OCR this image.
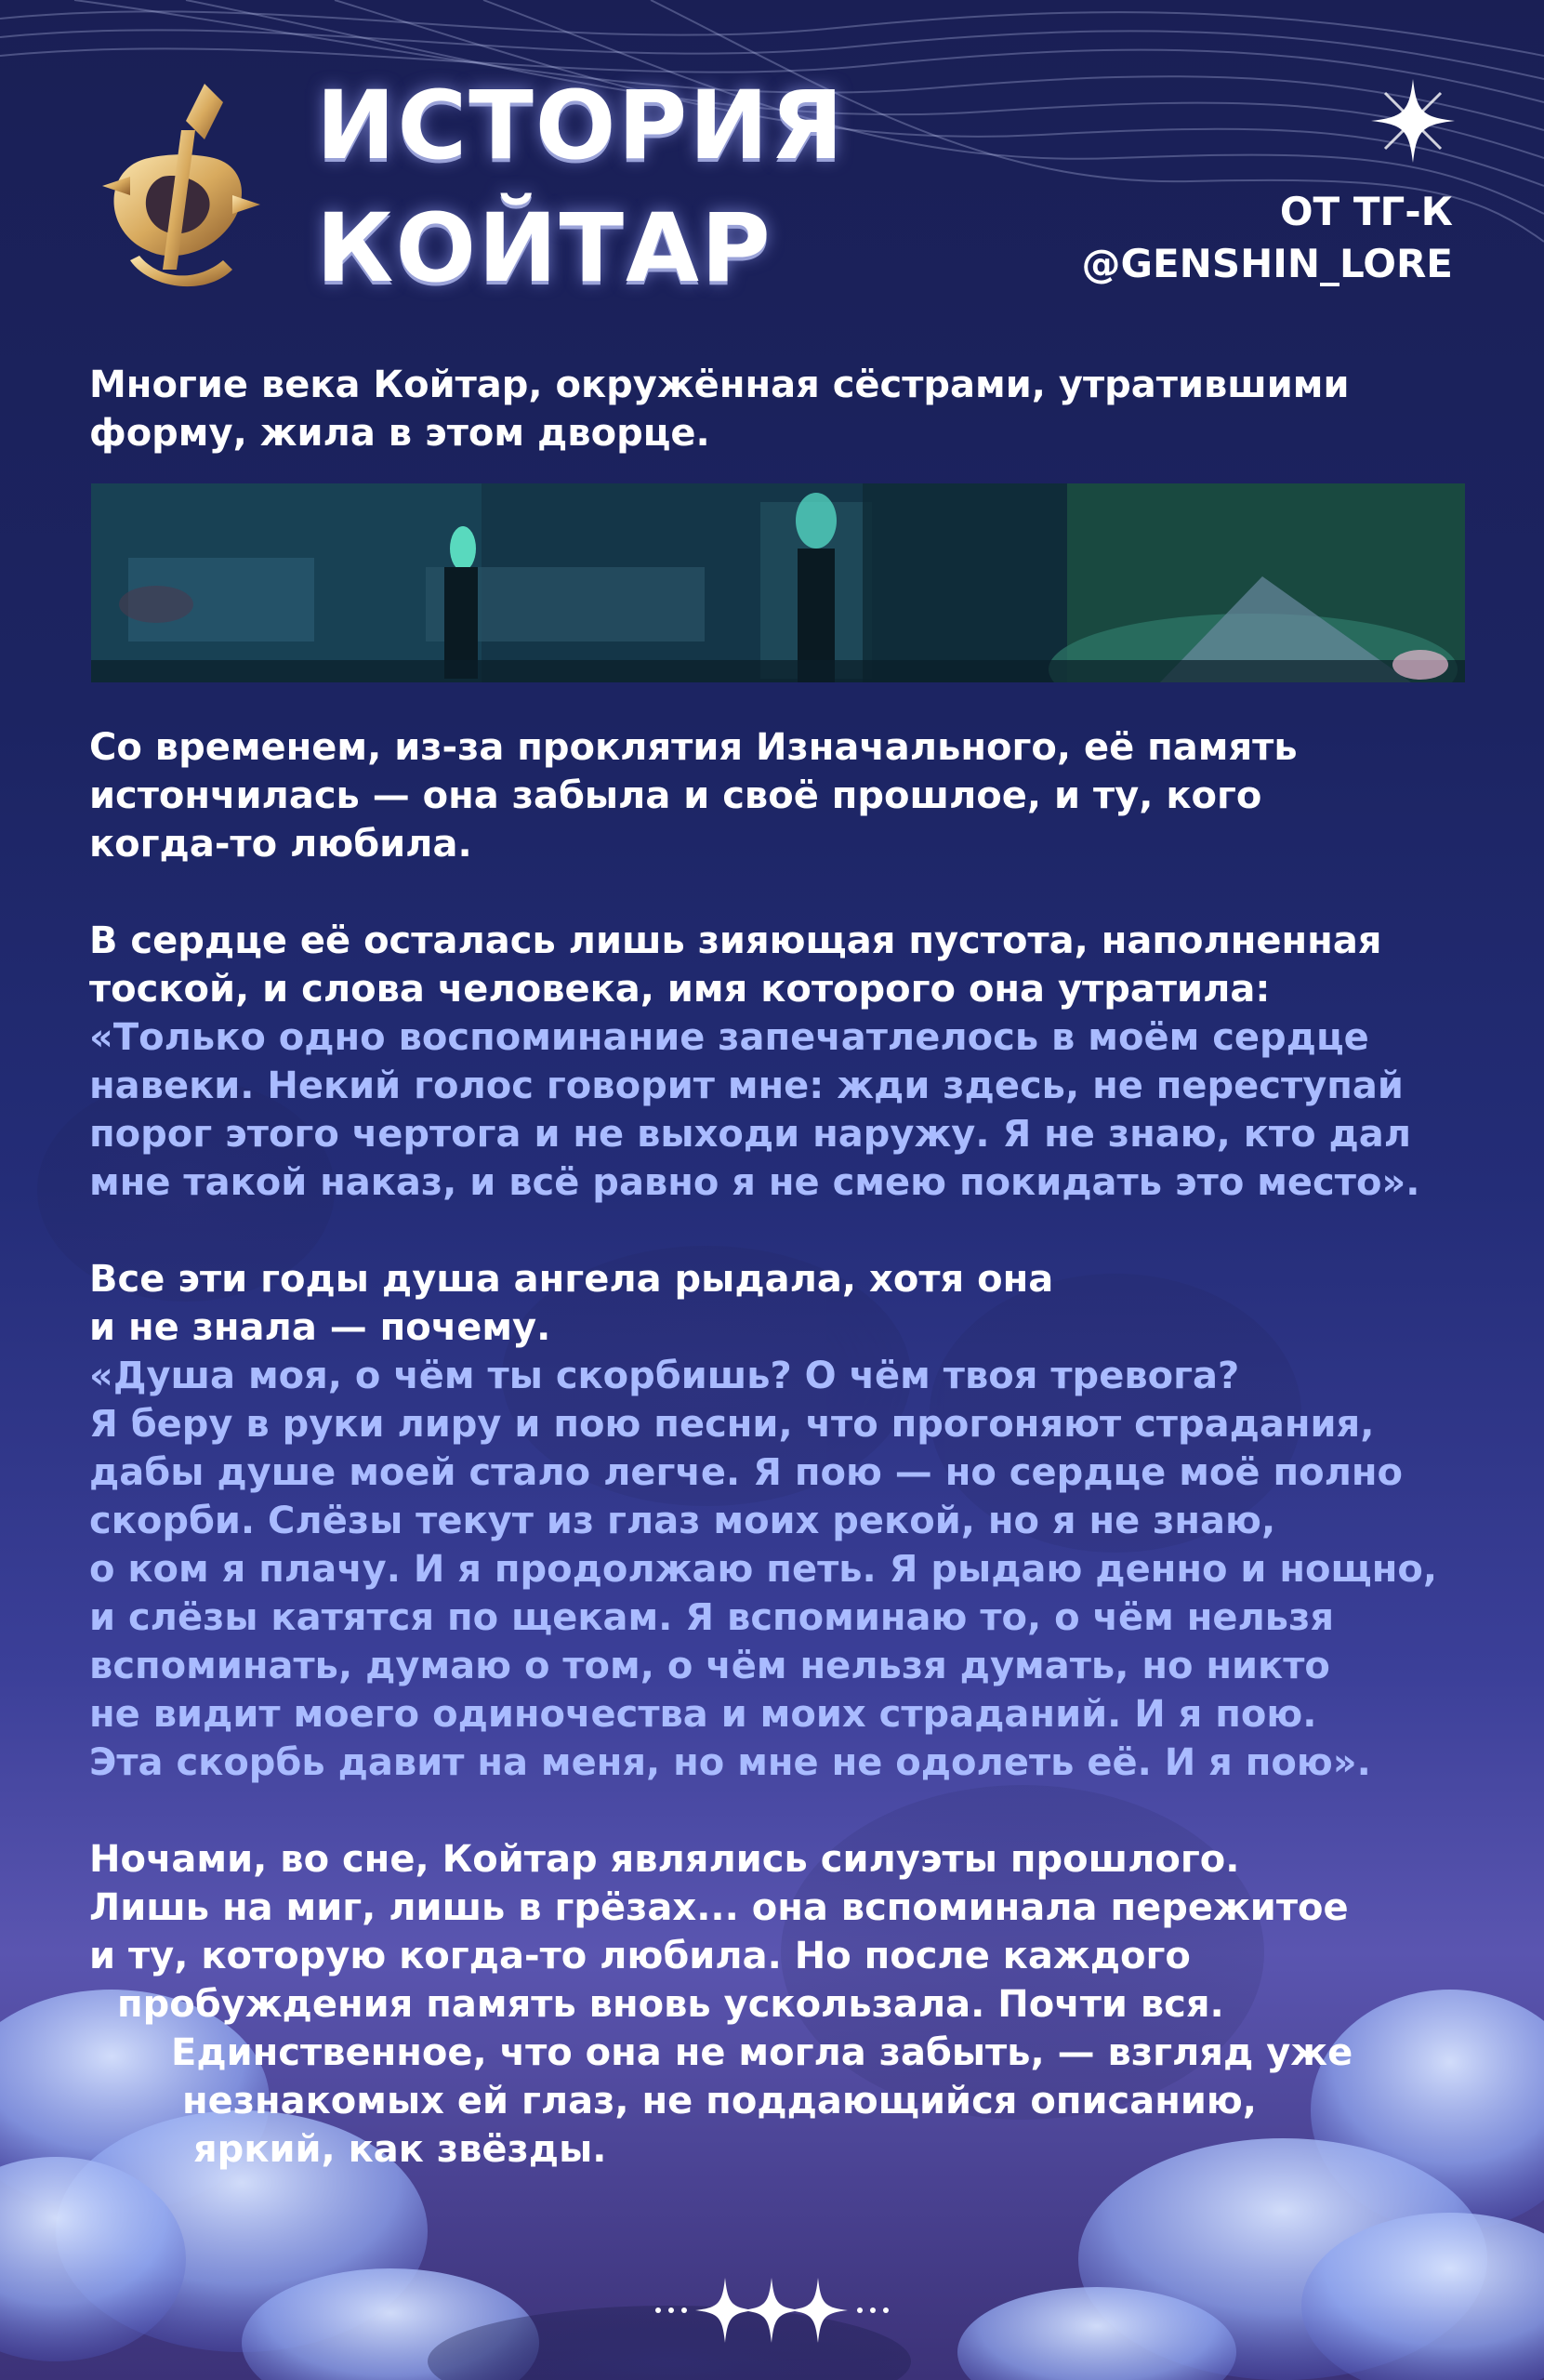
ИСТОРИЯ
КОЙТАР	ОТ ТГ-К
@GENSHIN_LORE

Многие века Койтар, окружённая сёстрами, утратившими

форму, жила в этом дворце.

Со временем, из-за проклятия Изначального, её память

истончилась — она забыла и своё прошлое, и ту, кого

когда-то любила.

В сердце её осталась лишь зияющая пустота, наполненная

тоской, и слова человека, имя которого она утратила:

«Только одно воспоминание запечатлелось в моём сердце

навеки. Некий голос говорит мне: жди здесь, не переступай

порог этого чертога и не выходи наружу. Я не знаю, кто дал

мне такой наказ, и всё равно я не смею покидать это место».

Все эти годы душа ангела рыдала, хотя она

и не знала — почему.

«Душа моя, о чём ты скорбишь? О чём твоя тревога?

Я беру в руки лиру и пою песни, что прогоняют страдания,

дабы душе моей стало легче. Я пою — но сердце моё полно

скорби. Слёзы текут из глаз моих рекой, но я не знаю,

о ком я плачу. И я продолжаю петь. Я рыдаю денно и нощно,

и слёзы катятся по щекам. Я вспоминаю то, о чём нельзя

вспоминать, думаю о том, о чём нельзя думать, но никто

не видит моего одиночества и моих страданий. И я пою.

Эта скорбь давит на меня, но мне не одолеть её. И я пою».

Ночами, во сне, Койтар являлись силуэты прошлого.

Лишь на миг, лишь в грёзах... она вспоминала пережитое

и ту, которую когда-то любила. Но после каждого

пробуждения память вновь ускользала. Почти вся.

Единственное, что она не могла забыть, — взгляд уже

незнакомых ей глаз, не поддающийся описанию,

яркий, как звёзды.
